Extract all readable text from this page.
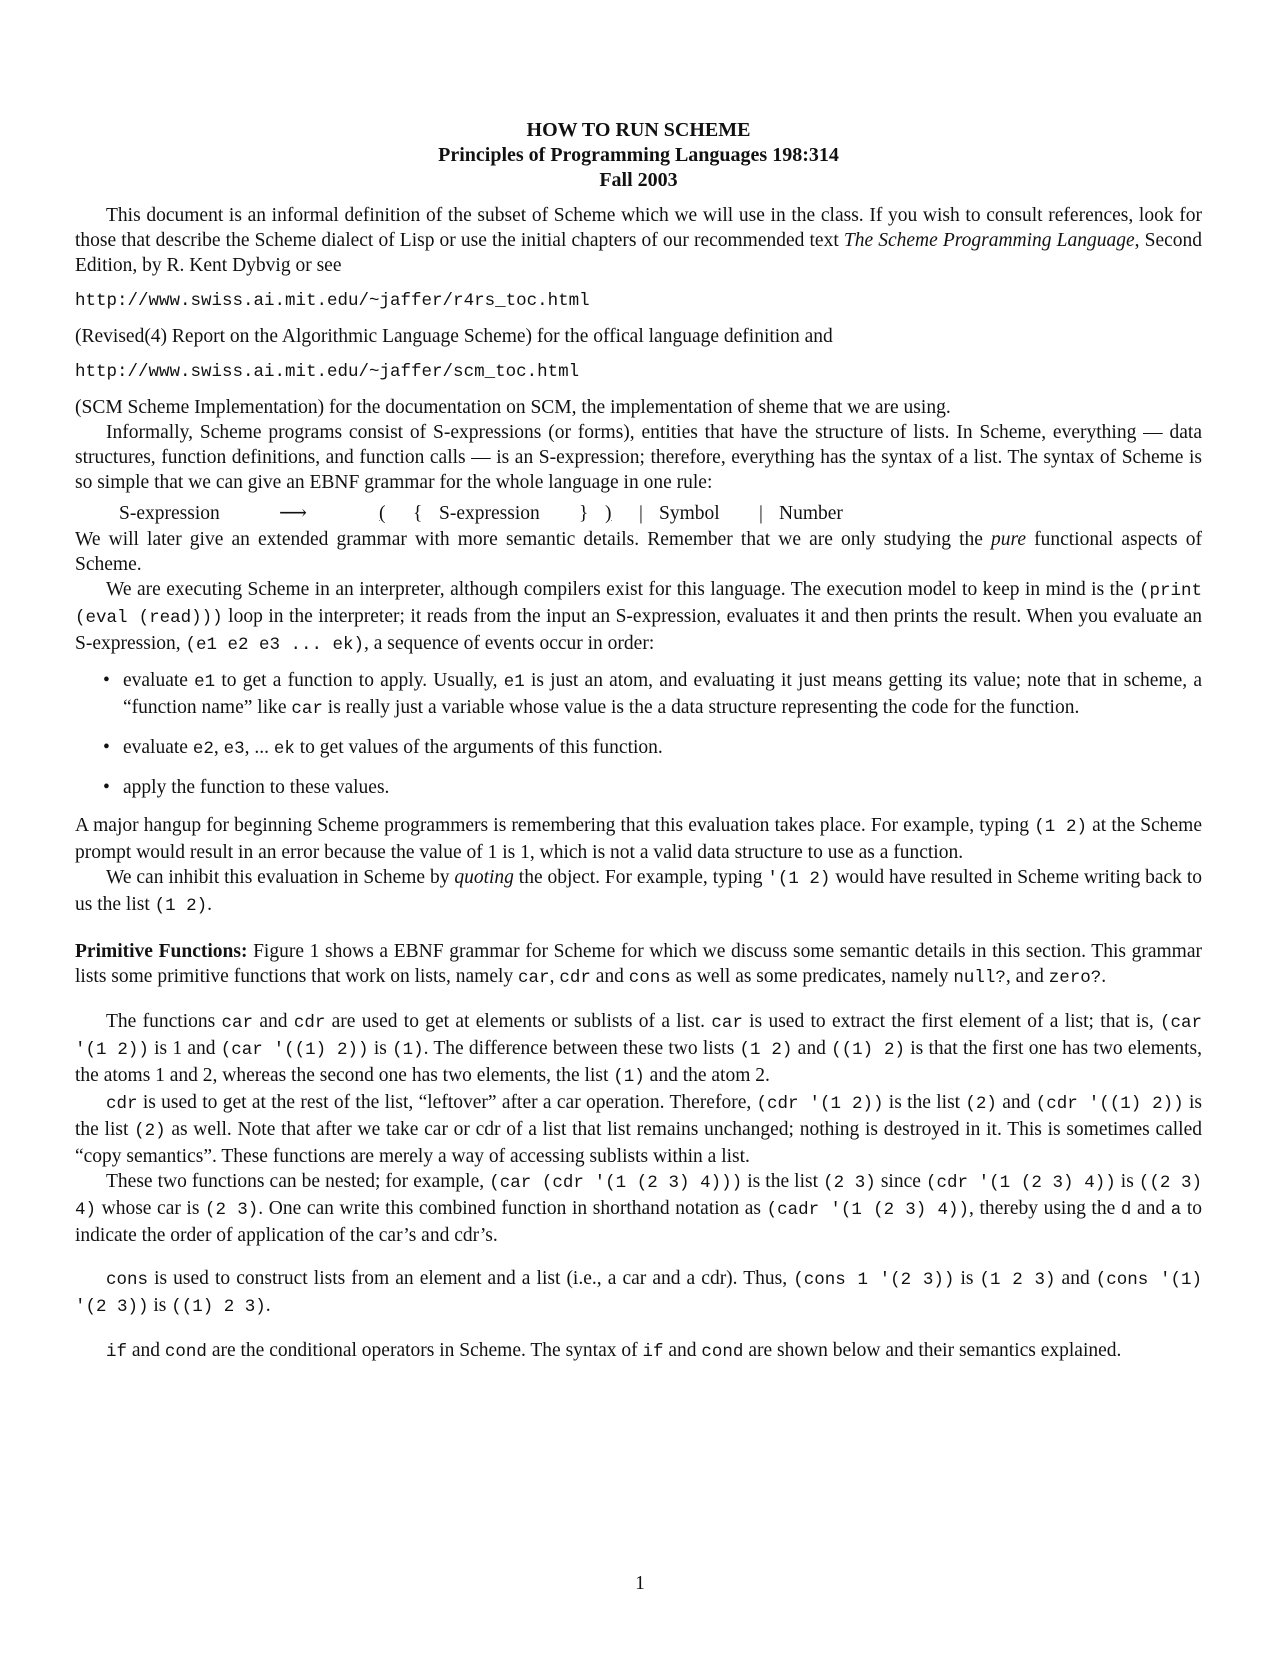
HOW TO RUN SCHEME
Principles of Programming Languages 198:314
Fall 2003

This document is an informal definition of the subset of Scheme which we will use in the class. If you wish to consult references, look for those that describe the Scheme dialect of Lisp or use the initial chapters of our recommended text The Scheme Programming Language, Second Edition, by R. Kent Dybvig or see

http://www.swiss.ai.mit.edu/~jaffer/r4rs_toc.html

(Revised(4) Report on the Algorithmic Language Scheme) for the offical language definition and

http://www.swiss.ai.mit.edu/~jaffer/scm_toc.html

(SCM Scheme Implementation) for the documentation on SCM, the implementation of sheme that we are using.

Informally, Scheme programs consist of S-expressions (or forms), entities that have the structure of lists. In Scheme, everything — data structures, function definitions, and function calls — is an S-expression; therefore, everything has the syntax of a list. The syntax of Scheme is so simple that we can give an EBNF grammar for the whole language in one rule:

S-expression	⟶	(	{ S-expression	} )	| Symbol	| Number

We will later give an extended grammar with more semantic details. Remember that we are only studying the pure functional aspects of Scheme.

We are executing Scheme in an interpreter, although compilers exist for this language. The execution model to keep in mind is the (print (eval (read))) loop in the interpreter; it reads from the input an S-expression, evaluates it and then prints the result. When you evaluate an S-expression, (e1 e2 e3 ... ek), a sequence of events occur in order:

• evaluate e1 to get a function to apply. Usually, e1 is just an atom, and evaluating it just means getting its value; note that in scheme, a “function name” like car is really just a variable whose value is the a data structure representing the code for the function.
• evaluate e2, e3, ... ek to get values of the arguments of this function.
• apply the function to these values.

A major hangup for beginning Scheme programmers is remembering that this evaluation takes place. For example, typing (1 2) at the Scheme prompt would result in an error because the value of 1 is 1, which is not a valid data structure to use as a function.

We can inhibit this evaluation in Scheme by quoting the object. For example, typing '(1 2) would have resulted in Scheme writing back to us the list (1 2).

Primitive Functions: Figure 1 shows a EBNF grammar for Scheme for which we discuss some semantic details in this section. This grammar lists some primitive functions that work on lists, namely car, cdr and cons as well as some predicates, namely null?, and zero?.

The functions car and cdr are used to get at elements or sublists of a list. car is used to extract the first element of a list; that is, (car '(1 2)) is 1 and (car '((1) 2)) is (1). The difference between these two lists (1 2) and ((1) 2) is that the first one has two elements, the atoms 1 and 2, whereas the second one has two elements, the list (1) and the atom 2.

cdr is used to get at the rest of the list, “leftover” after a car operation. Therefore, (cdr '(1 2)) is the list (2) and (cdr '((1) 2)) is the list (2) as well. Note that after we take car or cdr of a list that list remains unchanged; nothing is destroyed in it. This is sometimes called “copy semantics”. These functions are merely a way of accessing sublists within a list.

These two functions can be nested; for example, (car (cdr '(1 (2 3) 4))) is the list (2 3) since (cdr '(1 (2 3) 4)) is ((2 3) 4) whose car is (2 3). One can write this combined function in shorthand notation as (cadr '(1 (2 3) 4)), thereby using the d and a to indicate the order of application of the car’s and cdr’s.

cons is used to construct lists from an element and a list (i.e., a car and a cdr). Thus, (cons 1 '(2 3)) is (1 2 3) and (cons '(1) '(2 3)) is ((1) 2 3).

if and cond are the conditional operators in Scheme. The syntax of if and cond are shown below and their semantics explained.

1
